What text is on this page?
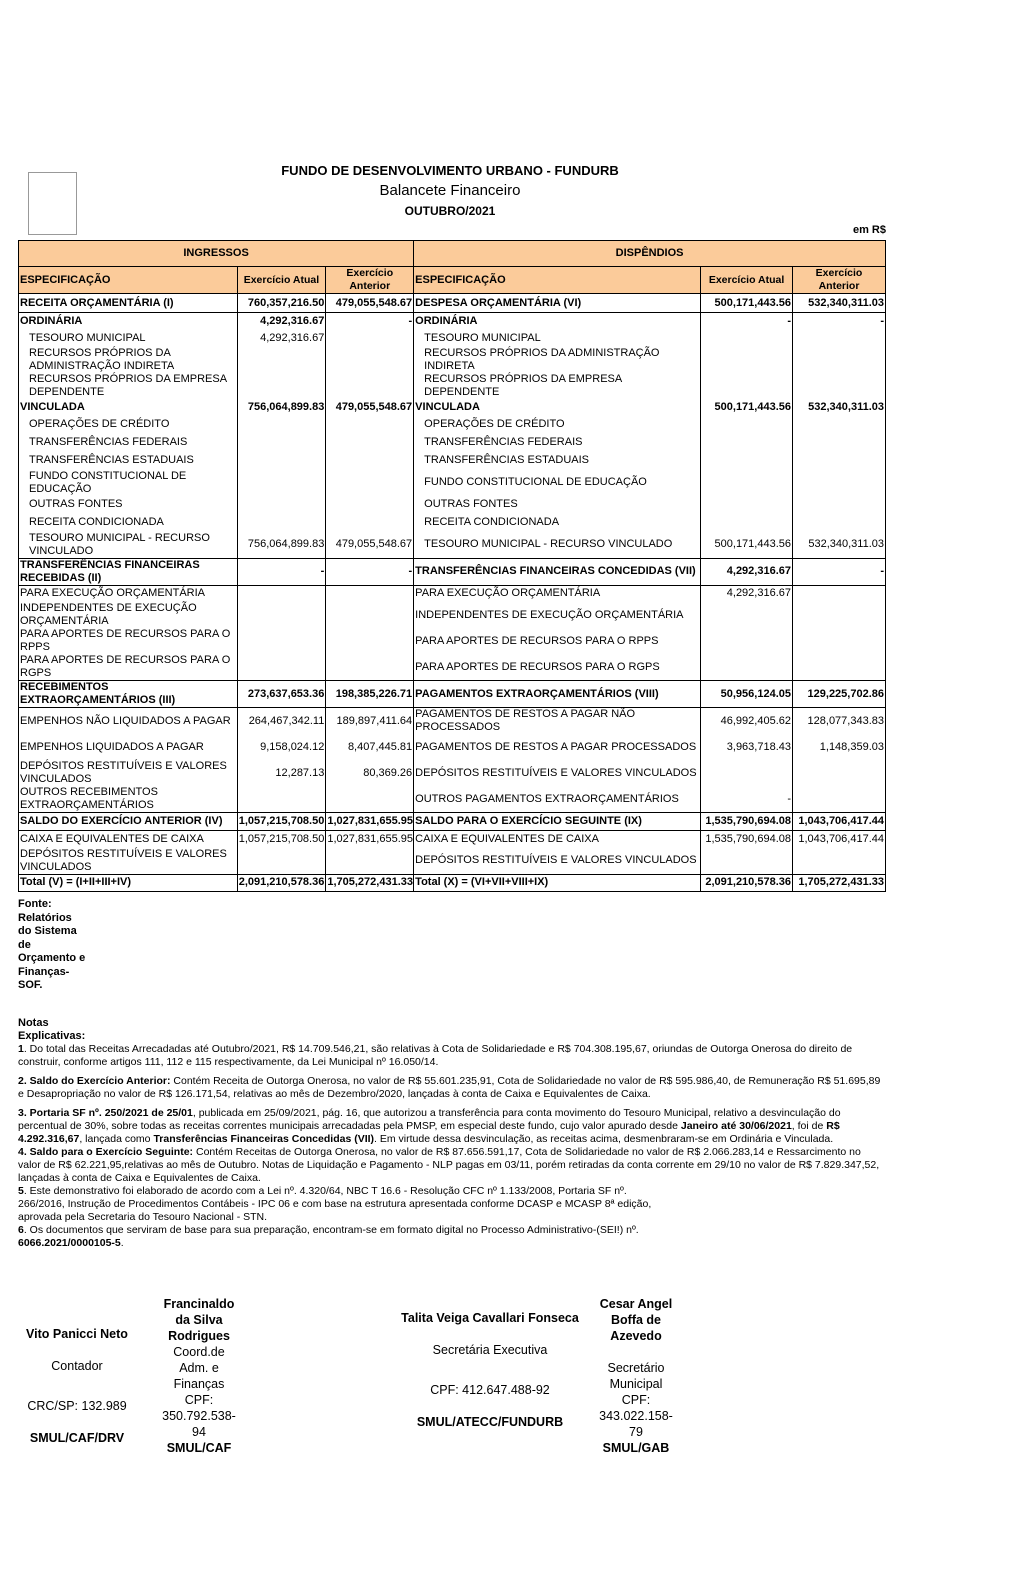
FUNDO DE DESENVOLVIMENTO URBANO - FUNDURB
Balancete Financeiro
OUTUBRO/2021
em R$
INGRESSOS			DISPÊNDIOS		
ESPECIFICAÇÃO	Exercício Atual	Exercício Anterior	ESPECIFICAÇÃO	Exercício Atual	Exercício Anterior
RECEITA ORÇAMENTÁRIA (I)	760,357,216.50	479,055,548.67	DESPESA ORÇAMENTÁRIA (VI)	500,171,443.56	532,340,311.03
ORDINÁRIA	4,292,316.67	-	ORDINÁRIA	-	-
TESOURO MUNICIPAL	4,292,316.67		TESOURO MUNICIPAL		
RECURSOS PRÓPRIOS DA ADMINISTRAÇÃO INDIRETA			RECURSOS PRÓPRIOS DA ADMINISTRAÇÃO INDIRETA		
RECURSOS PRÓPRIOS DA EMPRESA DEPENDENTE			RECURSOS PRÓPRIOS DA EMPRESA DEPENDENTE		
VINCULADA	756,064,899.83	479,055,548.67	VINCULADA	500,171,443.56	532,340,311.03
OPERAÇÕES DE CRÉDITO			OPERAÇÕES DE CRÉDITO		
TRANSFERÊNCIAS FEDERAIS			TRANSFERÊNCIAS FEDERAIS		
TRANSFERÊNCIAS ESTADUAIS			TRANSFERÊNCIAS ESTADUAIS		
FUNDO CONSTITUCIONAL DE EDUCAÇÃO			FUNDO CONSTITUCIONAL DE EDUCAÇÃO		
OUTRAS FONTES			OUTRAS FONTES		
RECEITA CONDICIONADA			RECEITA CONDICIONADA		
TESOURO MUNICIPAL - RECURSO VINCULADO	756,064,899.83	479,055,548.67	TESOURO MUNICIPAL - RECURSO VINCULADO	500,171,443.56	532,340,311.03
TRANSFERÊNCIAS FINANCEIRAS RECEBIDAS (II)	-	-	TRANSFERÊNCIAS FINANCEIRAS CONCEDIDAS (VII)	4,292,316.67	-
PARA EXECUÇÃO ORÇAMENTÁRIA			PARA EXECUÇÃO ORÇAMENTÁRIA	4,292,316.67	
INDEPENDENTES DE EXECUÇÃO ORÇAMENTÁRIA			INDEPENDENTES DE EXECUÇÃO ORÇAMENTÁRIA		
PARA APORTES DE RECURSOS PARA O RPPS			PARA APORTES DE RECURSOS PARA O RPPS		
PARA APORTES DE RECURSOS PARA O RGPS			PARA APORTES DE RECURSOS PARA O RGPS		
RECEBIMENTOS EXTRAORÇAMENTÁRIOS (III)	273,637,653.36	198,385,226.71	PAGAMENTOS EXTRAORÇAMENTÁRIOS (VIII)	50,956,124.05	129,225,702.86
EMPENHOS NÃO LIQUIDADOS A PAGAR	264,467,342.11	189,897,411.64	PAGAMENTOS DE RESTOS A PAGAR NÃO PROCESSADOS	46,992,405.62	128,077,343.83
EMPENHOS LIQUIDADOS A PAGAR	9,158,024.12	8,407,445.81	PAGAMENTOS DE RESTOS A PAGAR PROCESSADOS	3,963,718.43	1,148,359.03
DEPÓSITOS RESTITUÍVEIS E VALORES VINCULADOS	12,287.13	80,369.26	DEPÓSITOS RESTITUÍVEIS E VALORES VINCULADOS		
OUTROS RECEBIMENTOS EXTRAORÇAMENTÁRIOS			OUTROS PAGAMENTOS EXTRAORÇAMENTÁRIOS	-	
SALDO DO EXERCÍCIO ANTERIOR (IV)	1,057,215,708.50	1,027,831,655.95	SALDO PARA O EXERCÍCIO SEGUINTE (IX)	1,535,790,694.08	1,043,706,417.44
CAIXA E EQUIVALENTES DE CAIXA	1,057,215,708.50	1,027,831,655.95	CAIXA E EQUIVALENTES DE CAIXA	1,535,790,694.08	1,043,706,417.44
DEPÓSITOS RESTITUÍVEIS E VALORES VINCULADOS			DEPÓSITOS RESTITUÍVEIS E VALORES VINCULADOS		
Total (V) = (I+II+III+IV)	2,091,210,578.36	1,705,272,431.33	Total (X) = (VI+VII+VIII+IX)	2,091,210,578.36	1,705,272,431.33
Fonte: Relatórios do Sistema de Orçamento e Finanças- SOF.
Notas Explicativas:

1. Do total das Receitas Arrecadadas até Outubro/2021, R$ 14.709.546,21, são relativas à Cota de Solidariedade e R$ 704.308.195,67, oriundas de Outorga Onerosa do direito de construir, conforme artigos 111, 112 e 115 respectivamente, da Lei Municipal nº 16.050/14.

2. Saldo do Exercício Anterior: Contém Receita de Outorga Onerosa, no valor de R$ 55.601.235,91, Cota de Solidariedade no valor de R$ 595.986,40, de Remuneração R$ 51.695,89 e Desapropriação no valor de R$ 126.171,54, relativas ao mês de Dezembro/2020, lançadas à conta de Caixa e Equivalentes de Caixa.

3. Portaria SF nº. 250/2021 de 25/01, publicada em 25/09/2021, pág. 16, que autorizou a transferência para conta movimento do Tesouro Municipal, relativo a desvinculação do percentual de 30%, sobre todas as receitas correntes municipais arrecadadas pela PMSP, em especial deste fundo, cujo valor apurado desde Janeiro até 30/06/2021, foi de R$ 4.292.316,67, lançada como Transferências Financeiras Concedidas (VII). Em virtude dessa desvinculação, as receitas acima, desmenbraram-se em Ordinária e Vinculada.

4. Saldo para o Exercício Seguinte: Contém Receitas de Outorga Onerosa, no valor de R$ 87.656.591,17, Cota de Solidariedade no valor de R$ 2.066.283,14 e Ressarcimento no valor de R$ 62.221,95,relativas ao mês de Outubro. Notas de Liquidação e Pagamento - NLP pagas em 03/11, porém retiradas da conta corrente em 29/10 no valor de R$ 7.829.347,52, lançadas à conta de Caixa e Equivalentes de Caixa.

5. Este demonstrativo foi elaborado de acordo com a Lei nº. 4.320/64, NBC T 16.6 - Resolução CFC nº 1.133/2008, Portaria SF nº.
266/2016, Instrução de Procedimentos Contábeis - IPC 06 e com base na estrutura apresentada conforme DCASP e MCASP 8ª edição,
aprovada pela Secretaria do Tesouro Nacional - STN.

6. Os documentos que serviram de base para sua preparação, encontram-se em formato digital no Processo Administrativo-(SEI!) nº.
6066.2021/0000105-5.

Vito Panicci Neto
Contador
CRC/SP: 132.989
SMUL/CAF/DRV
Francinaldo da Silva Rodrigues
Coord.de Adm. e Finanças
CPF: 350.792.538-94
SMUL/CAF
Talita Veiga Cavallari Fonseca
Secretária Executiva
CPF: 412.647.488-92
SMUL/ATECC/FUNDURB
Cesar Angel Boffa de Azevedo
Secretário Municipal
CPF: 343.022.158-79
SMUL/GAB
